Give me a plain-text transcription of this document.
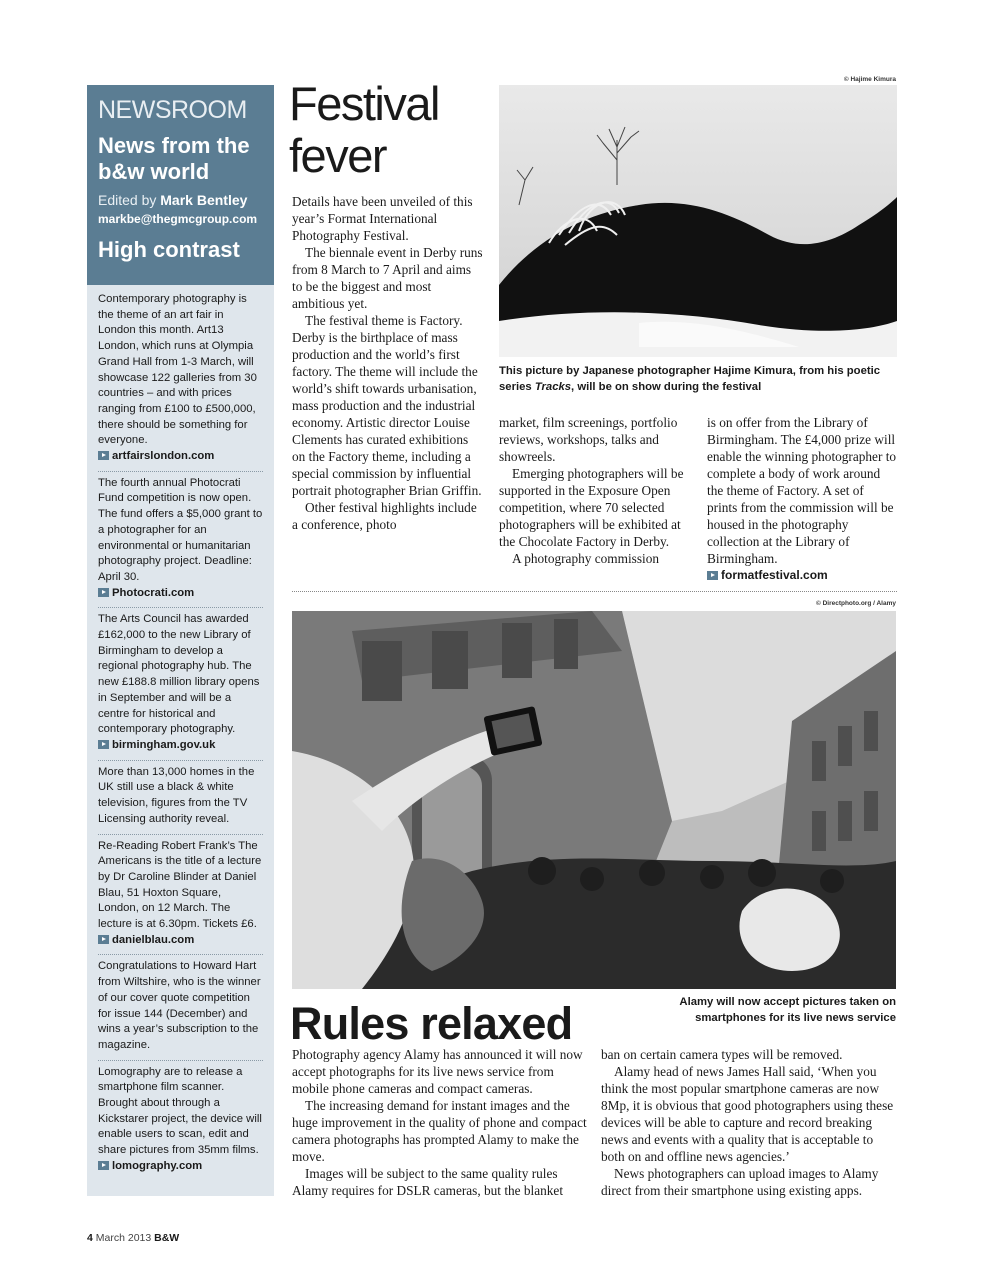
NEWSROOM
News from the b&w world
Edited by Mark Bentley
markbe@thegmcgroup.com
High contrast
Contemporary photography is the theme of an art fair in London this month. Art13 London, which runs at Olympia Grand Hall from 1-3 March, will showcase 122 galleries from 30 countries – and with prices ranging from £100 to £500,000, there should be something for everyone.
artfairslondon.com
The fourth annual Photocrati Fund competition is now open. The fund offers a $5,000 grant to a photographer for an environmental or humanitarian photography project. Deadline: April 30.
Photocrati.com
The Arts Council has awarded £162,000 to the new Library of Birmingham to develop a regional photography hub. The new £188.8 million library opens in September and will be a centre for historical and contemporary photography.
birmingham.gov.uk
More than 13,000 homes in the UK still use a black & white television, figures from the TV Licensing authority reveal.
Re-Reading Robert Frank’s The Americans is the title of a lecture by Dr Caroline Blinder at Daniel Blau, 51 Hoxton Square, London, on 12 March. The lecture is at 6.30pm. Tickets £6.
danielblau.com
Congratulations to Howard Hart from Wiltshire, who is the winner of our cover quote competition for issue 144 (December) and wins a year’s subscription to the magazine.
Lomography are to release a smartphone film scanner. Brought about through a Kickstarer project, the device will enable users to scan, edit and share pictures from 35mm films.
lomography.com
Festival fever

Details have been unveiled of this year’s Format International Photography Festival.

The biennale event in Derby runs from 8 March to 7 April and aims to be the biggest and most ambitious yet.

The festival theme is Factory. Derby is the birthplace of mass production and the world’s first factory. The theme will include the world’s shift towards urbanisation, mass production and the industrial economy. Artistic director Louise Clements has curated exhibitions on the Factory theme, including a special commission by influential portrait photographer Brian Griffin.

Other festival highlights include a conference, photo

© Hajime Kimura
This picture by Japanese photographer Hajime Kimura, from his poetic series Tracks, will be on show during the festival

market, film screenings, portfolio reviews, workshops, talks and showreels.

Emerging photographers will be supported in the Exposure Open competition, where 70 selected photographers will be exhibited at the Chocolate Factory in Derby.

A photography commission

is on offer from the Library of Birmingham. The £4,000 prize will enable the winning photographer to complete a body of work around the theme of Factory. A set of prints from the commission will be housed in the photography collection at the Library of Birmingham.

formatfestival.com
© Directphoto.org / Alamy
Alamy will now accept pictures taken on smartphones for its live news service
Rules relaxed

Photography agency Alamy has announced it will now accept photographs for its live news service from mobile phone cameras and compact cameras.

The increasing demand for instant images and the huge improvement in the quality of phone and compact camera photographs has prompted Alamy to make the move.

Images will be subject to the same quality rules Alamy requires for DSLR cameras, but the blanket

ban on certain camera types will be removed.

Alamy head of news James Hall said, ‘When you think the most popular smartphone cameras are now 8Mp, it is obvious that good photographers using these devices will be able to capture and record breaking news and events with a quality that is acceptable to both on and offline news agencies.’

News photographers can upload images to Alamy direct from their smartphone using existing apps.

4 March 2013 B&W
